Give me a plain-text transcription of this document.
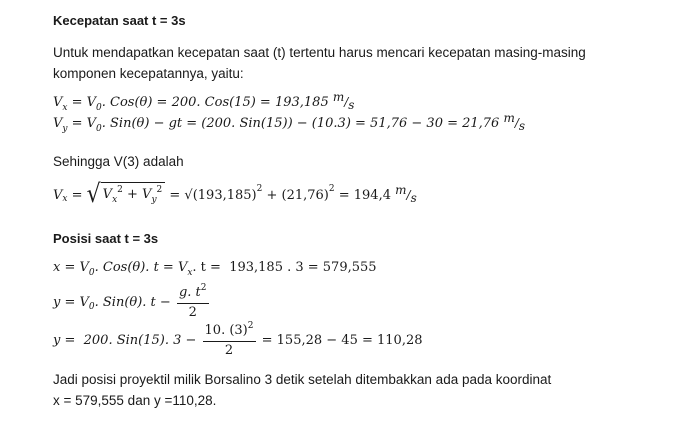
Kecepatan saat t = 3s
Untuk mendapatkan kecepatan saat (t) tertentu harus mencari kecepatan masing-masing
komponen kecepatannya, yaitu:
$V_x = V_0$. Cos(θ) = 200. Cos(15) = 193,185 m/s
$V_y = V_0$. Sin(θ) − gt = (200. Sin(15)) − (10.3) = 51,76 − 30 = 21,76 m/s
Sehingga V(3) adalah
V x = √ $V_x^2 + V_y^2 = √(193,185) 2 + (21,76) 2 = 194,4$ m/s
Posisi saat t = 3s
$x = V_0$. Cos(θ). $t = V_x$. t =  193,185 . 3 = 579,555
y = V 0 . Sin(θ). $t - \frac{g. t^2}{2}$
y =  200. Sin(15). $3 - \frac{10. (3)^2}{2} = 155,28 - 45 = 110,28$
Jadi posisi proyektil milik Borsalino 3 detik setelah ditembakkan ada pada koordinat
x = 579,555 dan y =110,28.
